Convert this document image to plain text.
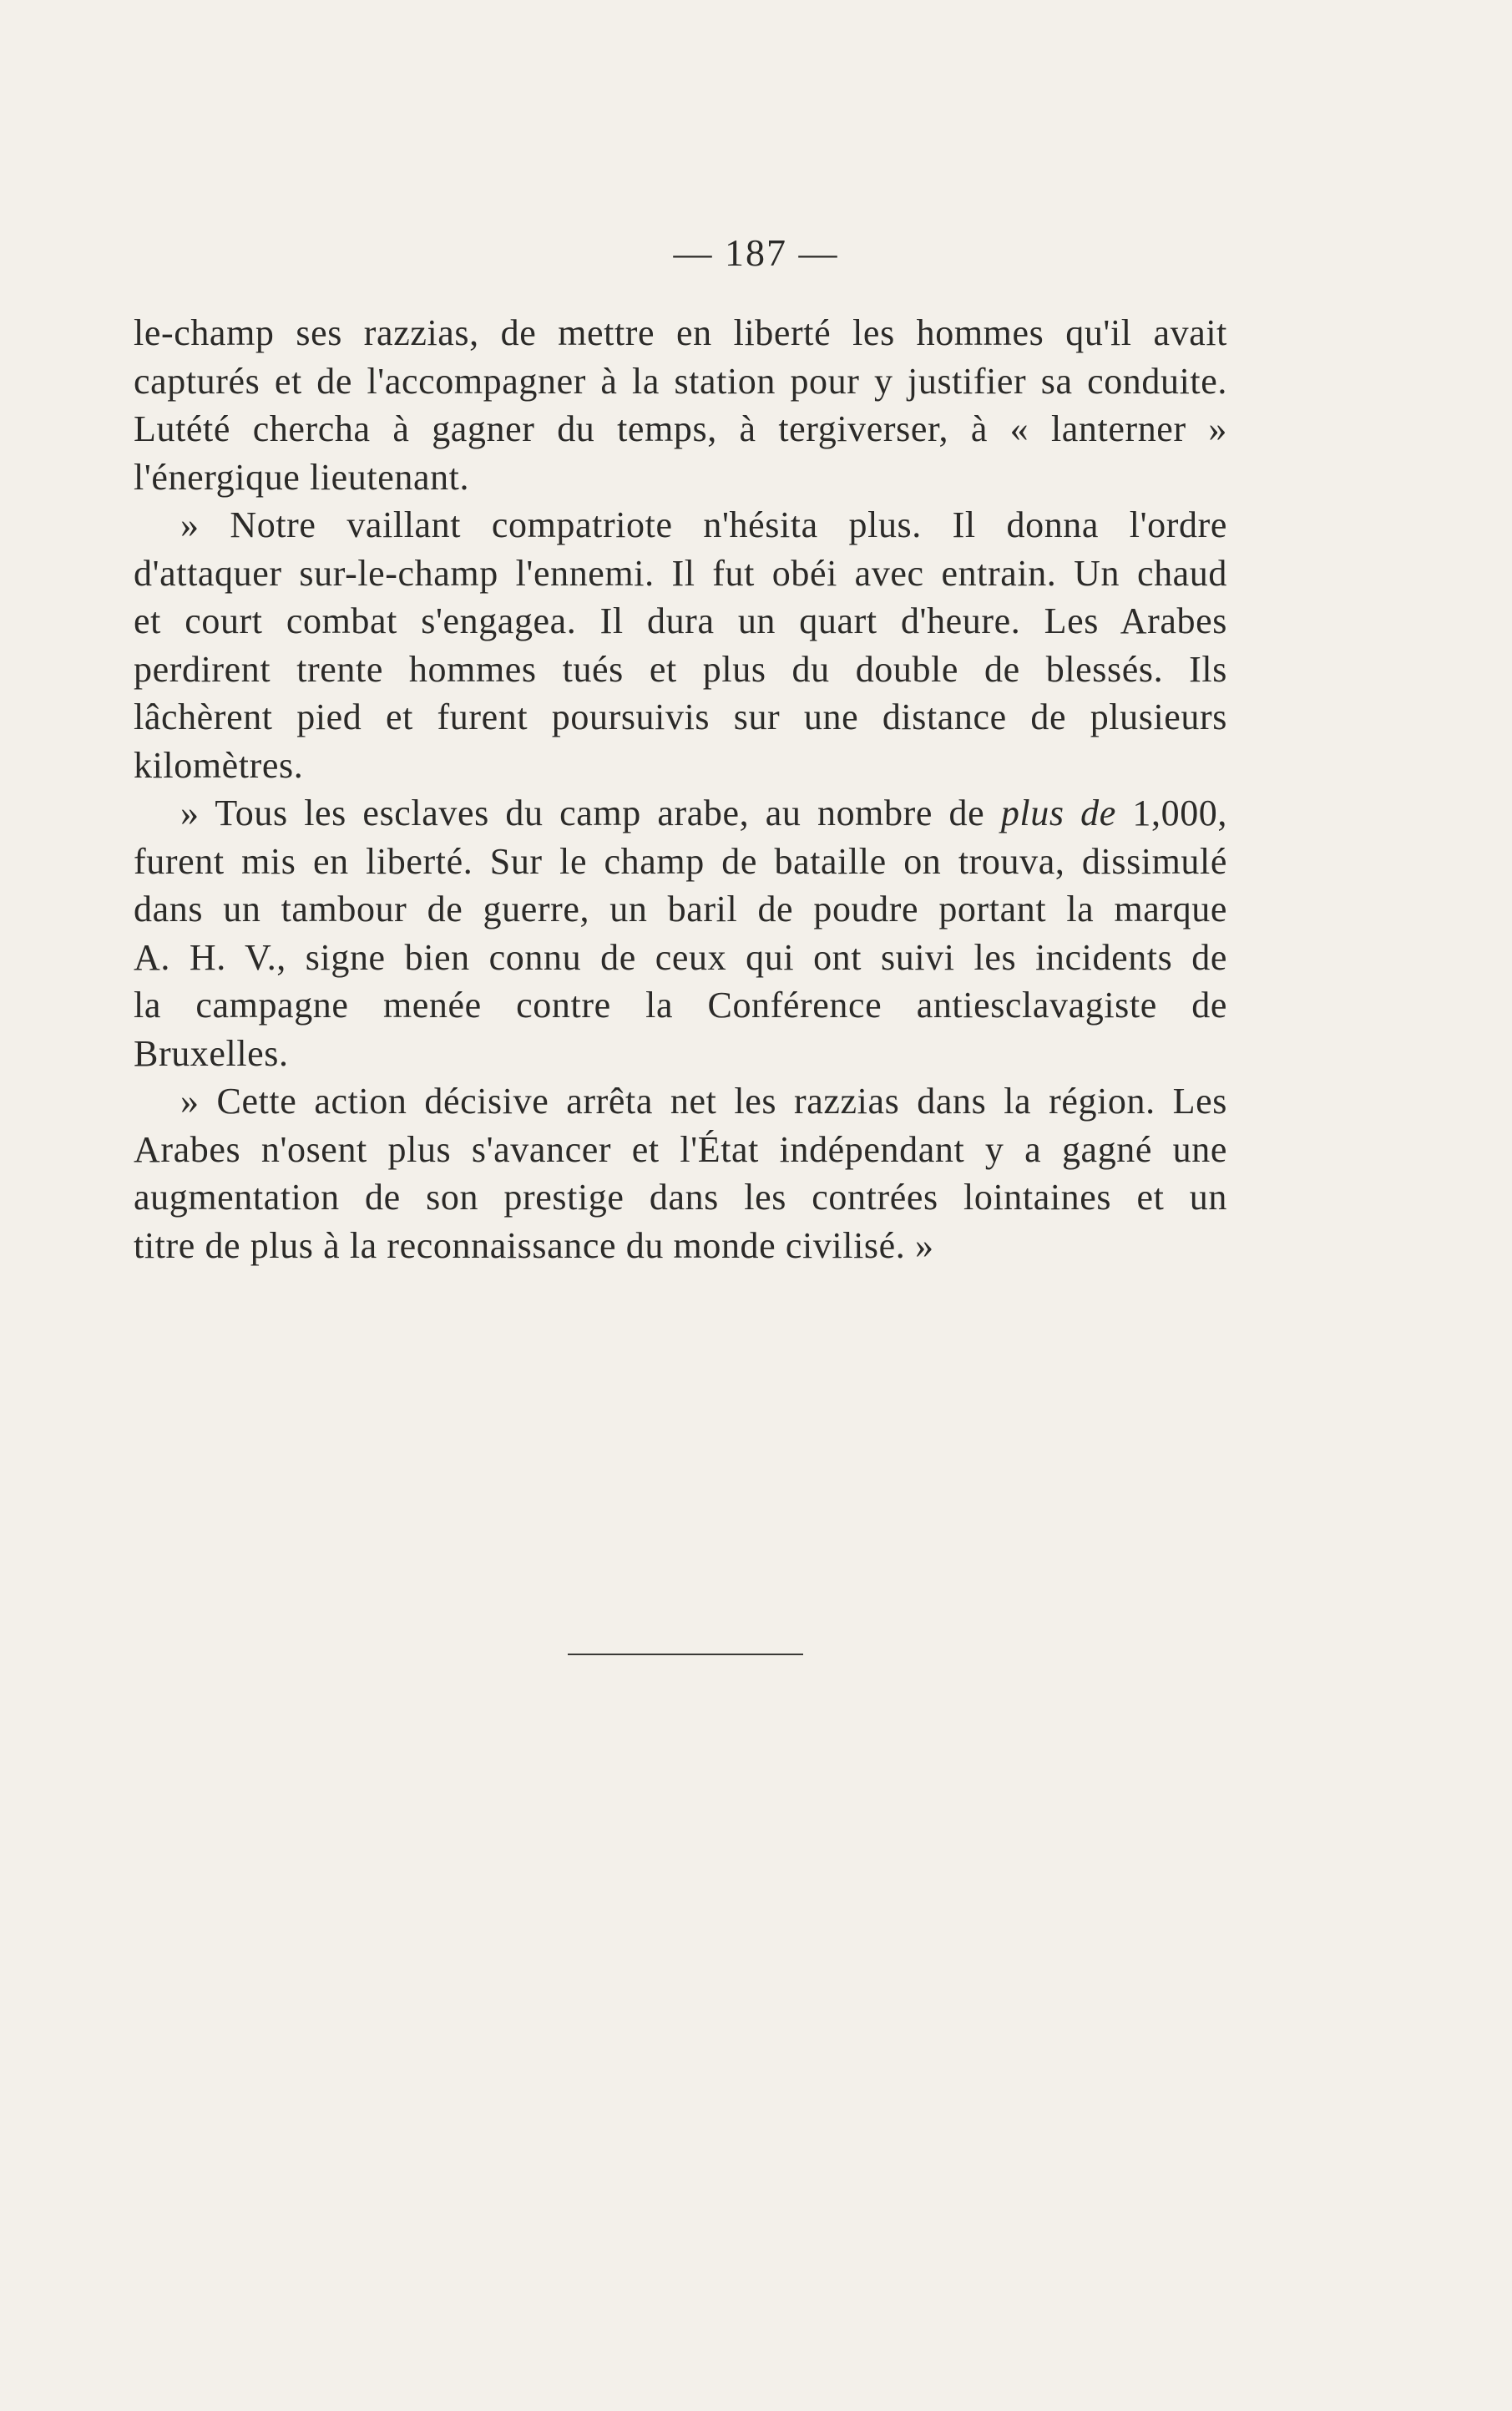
— 187 —
le-champ ses razzias, de mettre en liberté les hommes qu'il avait
capturés et de l'accompagner à la station pour y justifier sa conduite.
Lutété chercha à gagner du temps, à tergiverser, à « lanterner »
l'énergique lieutenant.
» Notre vaillant compatriote n'hésita plus. Il donna l'ordre
d'attaquer sur-le-champ l'ennemi. Il fut obéi avec entrain. Un chaud
et court combat s'engagea. Il dura un quart d'heure. Les Arabes
perdirent trente hommes tués et plus du double de blessés. Ils
lâchèrent pied et furent poursuivis sur une distance de plusieurs
kilomètres.
» Tous les esclaves du camp arabe, au nombre de plus de 1,000,
furent mis en liberté. Sur le champ de bataille on trouva, dissimulé
dans un tambour de guerre, un baril de poudre portant la marque
A. H. V., signe bien connu de ceux qui ont suivi les incidents de
la campagne menée contre la Conférence antiesclavagiste de
Bruxelles.
» Cette action décisive arrêta net les razzias dans la région. Les
Arabes n'osent plus s'avancer et l'État indépendant y a gagné une
augmentation de son prestige dans les contrées lointaines et un
titre de plus à la reconnaissance du monde civilisé. »
